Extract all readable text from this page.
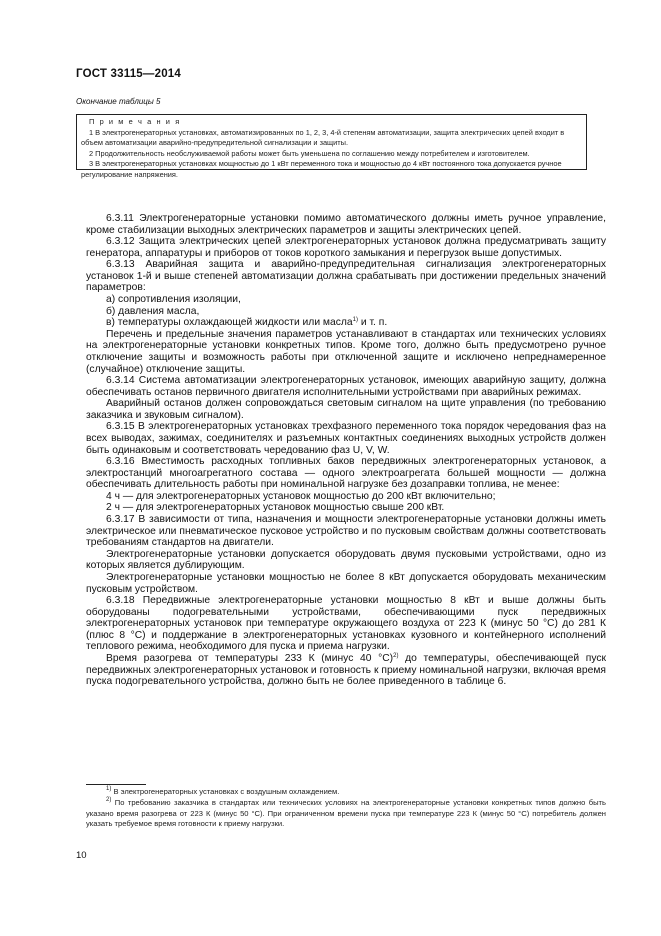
ГОСТ 33115—2014
Окончание таблицы 5
П р и м е ч а н и я

1 В электрогенераторных установках, автоматизированных по 1, 2, 3, 4-й степеням автоматизации, защита электрических цепей входит в объем автоматизации аварийно-предупредительной сигнализации и защиты.

2 Продолжительность необслуживаемой работы может быть уменьшена по соглашению между потребителем и изготовителем.

3 В электрогенераторных установках мощностью до 1 кВт переменного тока и мощностью до 4 кВт постоянного тока допускается ручное регулирование напряжения.

6.3.11 Электрогенераторные установки помимо автоматического должны иметь ручное управление, кроме стабилизации выходных электрических параметров и защиты электрических цепей.

6.3.12 Защита электрических цепей электрогенераторных установок должна предусматривать защиту генератора, аппаратуры и приборов от токов короткого замыкания и перегрузок выше допустимых.

6.3.13 Аварийная защита и аварийно-предупредительная сигнализация электрогенераторных установок 1-й и выше степеней автоматизации должна срабатывать при достижении предельных значений параметров:

а) сопротивления изоляции,

б) давления масла,

в) температуры охлаждающей жидкости или масла$^{1)}$ и т. п.

Перечень и предельные значения параметров устанавливают в стандартах или технических условиях на электрогенераторные установки конкретных типов. Кроме того, должно быть предусмотрено ручное отключение защиты и возможность работы при отключенной защите и исключено непреднамеренное (случайное) отключение защиты.

6.3.14 Система автоматизации электрогенераторных установок, имеющих аварийную защиту, должна обеспечивать останов первичного двигателя исполнительными устройствами при аварийных режимах.

Аварийный останов должен сопровождаться световым сигналом на щите управления (по требованию заказчика и звуковым сигналом).

6.3.15 В электрогенераторных установках трехфазного переменного тока порядок чередования фаз на всех выводах, зажимах, соединителях и разъемных контактных соединениях выходных устройств должен быть одинаковым и соответствовать чередованию фаз U, V, W.

6.3.16 Вместимость расходных топливных баков передвижных электрогенераторных установок, а электростанций многоагрегатного состава — одного электроагрегата большей мощности — должна обеспечивать длительность работы при номинальной нагрузке без дозаправки топлива, не менее:

4 ч — для электрогенераторных установок мощностью до 200 кВт включительно;

2 ч — для электрогенераторных установок мощностью свыше 200 кВт.

6.3.17 В зависимости от типа, назначения и мощности электрогенераторные установки должны иметь электрическое или пневматическое пусковое устройство и по пусковым свойствам должны соответствовать требованиям стандартов на двигатели.

Электрогенераторные установки допускается оборудовать двумя пусковыми устройствами, одно из которых является дублирующим.

Электрогенераторные установки мощностью не более 8 кВт допускается оборудовать механическим пусковым устройством.

6.3.18 Передвижные электрогенераторные установки мощностью 8 кВт и выше должны быть оборудованы подогревательными устройствами, обеспечивающими пуск передвижных электрогенераторных установок при температуре окружающего воздуха от 223 К (минус 50 °С) до 281 К (плюс 8 °С) и поддержание в электрогенераторных установках кузовного и контейнерного исполнений теплового режима, необходимого для пуска и приема нагрузки.

Время разогрева от температуры 233 К (минус 40 °С)$^{2)}$ до температуры, обеспечивающей пуск передвижных электрогенераторных установок и готовность к приему номинальной нагрузки, включая время пуска подогревательного устройства, должно быть не более приведенного в таблице 6.

$^{1)}$ В электрогенераторных установках с воздушным охлаждением.

$^{2)}$ По требованию заказчика в стандартах или технических условиях на электрогенераторные установки конкретных типов должно быть указано время разогрева от 223 К (минус 50 °С). При ограниченном времени пуска при температуре 223 К (минус 50 °С) потребитель должен указать требуемое время готовности к приему нагрузки.

10
